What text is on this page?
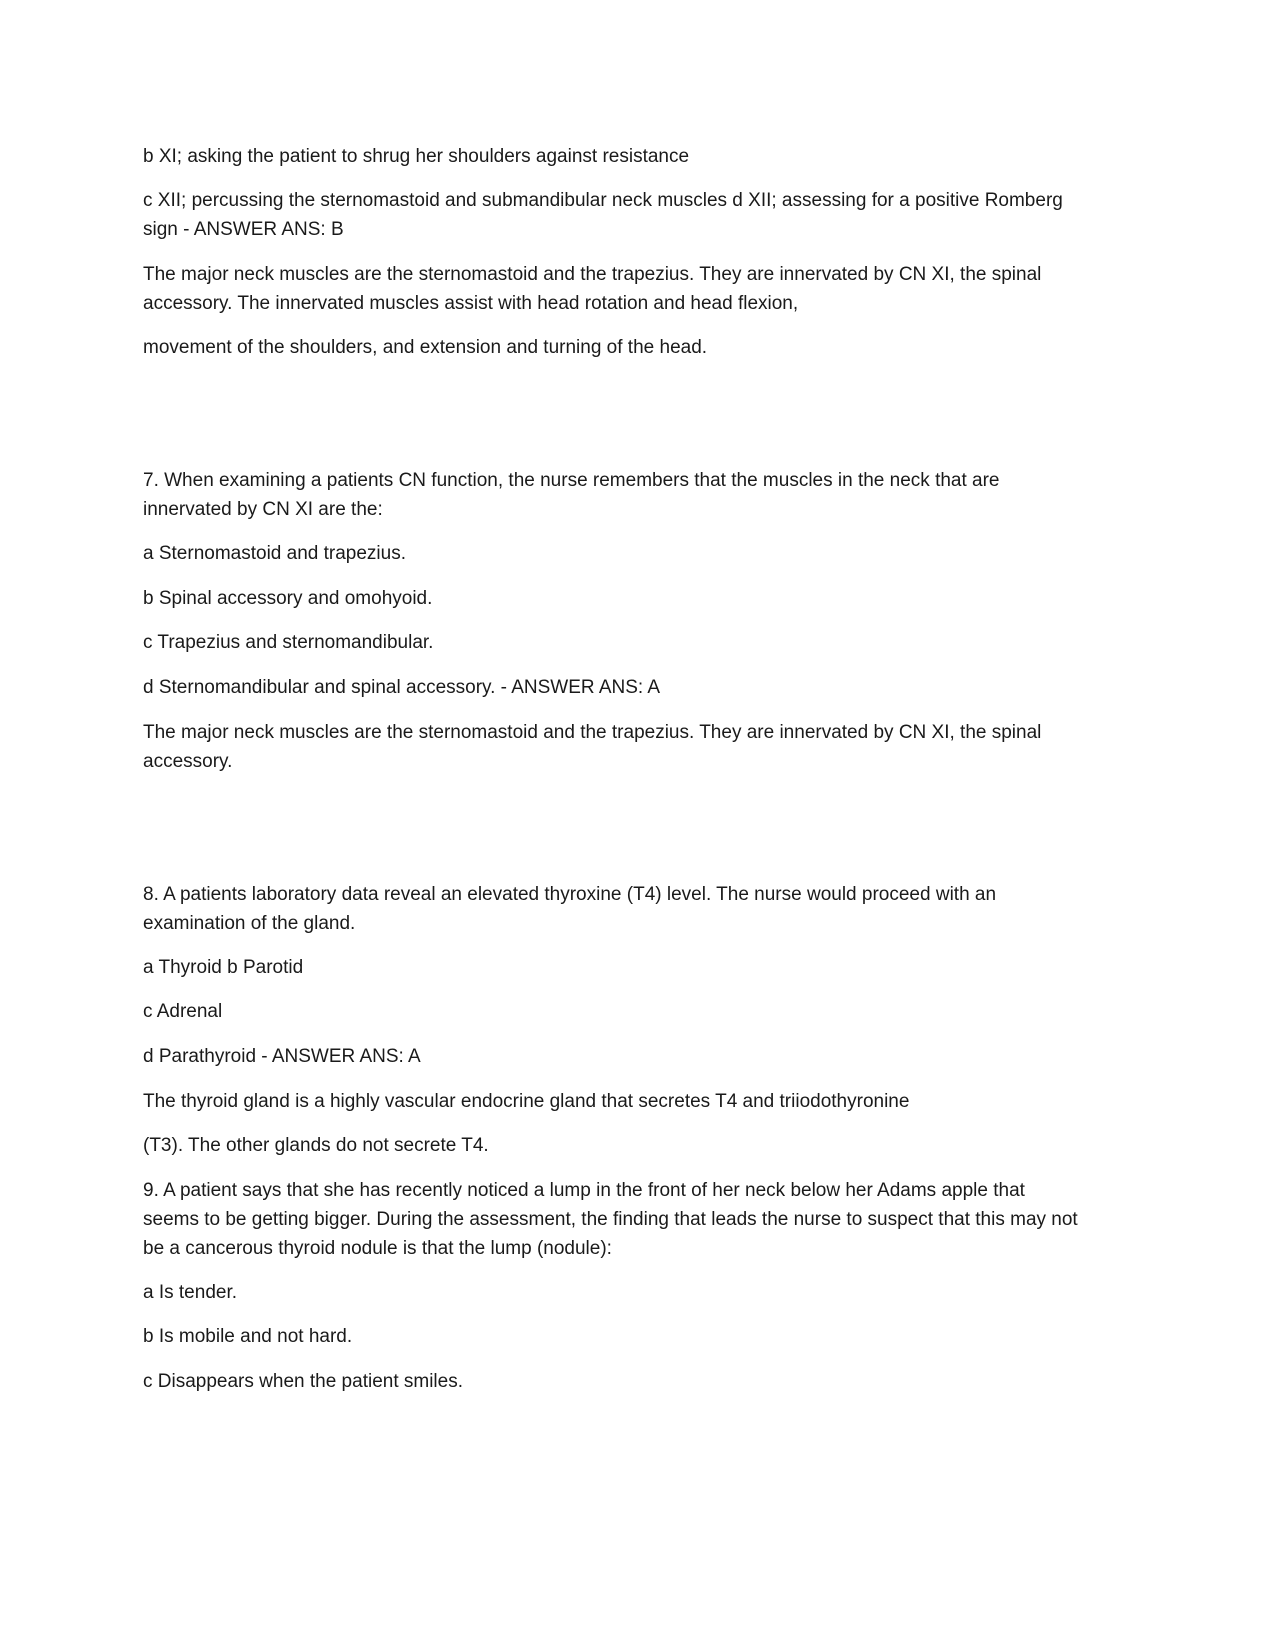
b XI; asking the patient to shrug her shoulders against resistance

c XII; percussing the sternomastoid and submandibular neck muscles d XII; assessing for a positive Romberg sign - ANSWER ANS: B

The major neck muscles are the sternomastoid and the trapezius. They are innervated by CN XI, the spinal accessory. The innervated muscles assist with head rotation and head flexion,

movement of the shoulders, and extension and turning of the head.

7. When examining a patients CN function, the nurse remembers that the muscles in the neck that are innervated by CN XI are the:

a Sternomastoid and trapezius.

b Spinal accessory and omohyoid.

c Trapezius and sternomandibular.

d Sternomandibular and spinal accessory. - ANSWER ANS: A

The major neck muscles are the sternomastoid and the trapezius. They are innervated by CN XI, the spinal accessory.

8. A patients laboratory data reveal an elevated thyroxine (T4) level. The nurse would proceed with an examination of the gland.

a Thyroid b Parotid

c Adrenal

d Parathyroid - ANSWER ANS: A

The thyroid gland is a highly vascular endocrine gland that secretes T4 and triiodothyronine

(T3). The other glands do not secrete T4.

9. A patient says that she has recently noticed a lump in the front of her neck below her Adams apple that seems to be getting bigger. During the assessment, the finding that leads the nurse to suspect that this may not be a cancerous thyroid nodule is that the lump (nodule):

a Is tender.

b Is mobile and not hard.

c Disappears when the patient smiles.
